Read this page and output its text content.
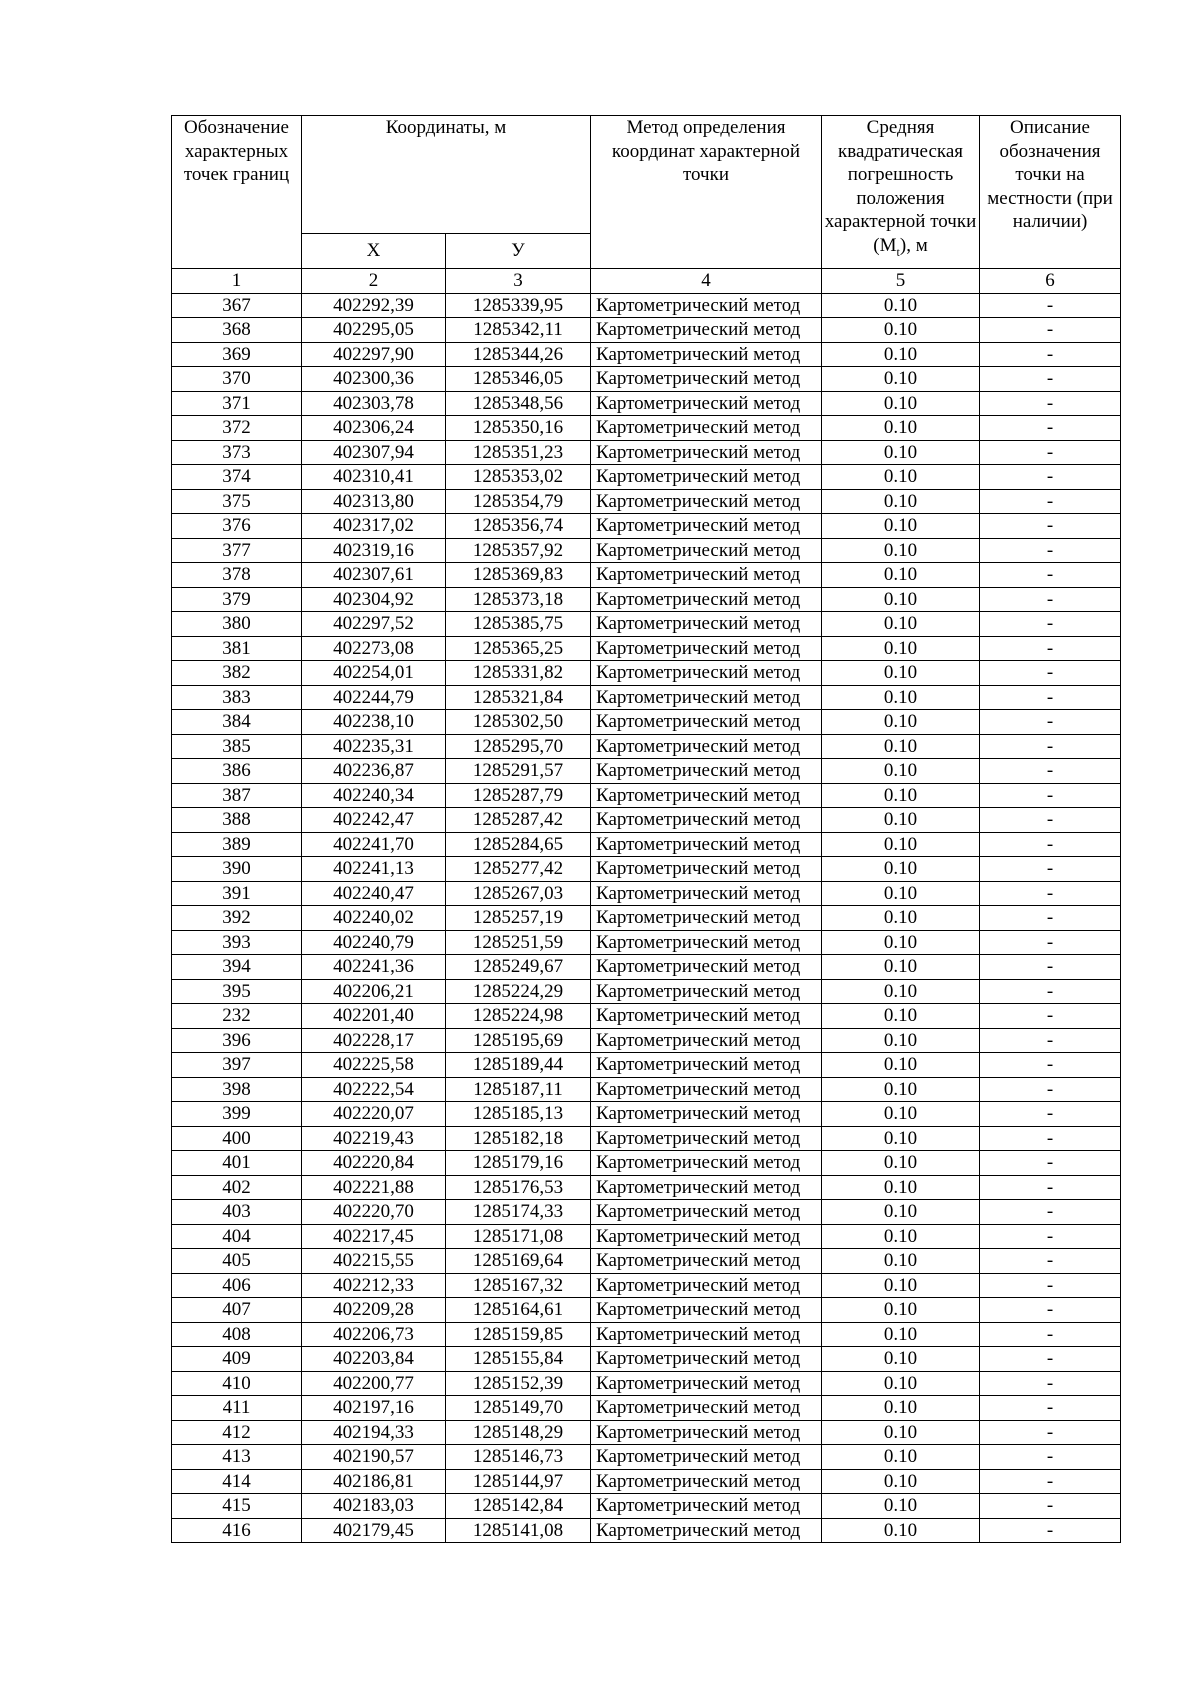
Обозначение характерных точек границ	Координаты, м		Метод определения координат характерной точки	Средняя квадратическая погрешность положения характерной точки $(M_t)$, м	Описание обозначения точки на местности (при наличии)
	X	У			
1	2	3	4	5	6
367	402292,39	1285339,95	Картометрический метод	0.10	-
368	402295,05	1285342,11	Картометрический метод	0.10	-
369	402297,90	1285344,26	Картометрический метод	0.10	-
370	402300,36	1285346,05	Картометрический метод	0.10	-
371	402303,78	1285348,56	Картометрический метод	0.10	-
372	402306,24	1285350,16	Картометрический метод	0.10	-
373	402307,94	1285351,23	Картометрический метод	0.10	-
374	402310,41	1285353,02	Картометрический метод	0.10	-
375	402313,80	1285354,79	Картометрический метод	0.10	-
376	402317,02	1285356,74	Картометрический метод	0.10	-
377	402319,16	1285357,92	Картометрический метод	0.10	-
378	402307,61	1285369,83	Картометрический метод	0.10	-
379	402304,92	1285373,18	Картометрический метод	0.10	-
380	402297,52	1285385,75	Картометрический метод	0.10	-
381	402273,08	1285365,25	Картометрический метод	0.10	-
382	402254,01	1285331,82	Картометрический метод	0.10	-
383	402244,79	1285321,84	Картометрический метод	0.10	-
384	402238,10	1285302,50	Картометрический метод	0.10	-
385	402235,31	1285295,70	Картометрический метод	0.10	-
386	402236,87	1285291,57	Картометрический метод	0.10	-
387	402240,34	1285287,79	Картометрический метод	0.10	-
388	402242,47	1285287,42	Картометрический метод	0.10	-
389	402241,70	1285284,65	Картометрический метод	0.10	-
390	402241,13	1285277,42	Картометрический метод	0.10	-
391	402240,47	1285267,03	Картометрический метод	0.10	-
392	402240,02	1285257,19	Картометрический метод	0.10	-
393	402240,79	1285251,59	Картометрический метод	0.10	-
394	402241,36	1285249,67	Картометрический метод	0.10	-
395	402206,21	1285224,29	Картометрический метод	0.10	-
232	402201,40	1285224,98	Картометрический метод	0.10	-
396	402228,17	1285195,69	Картометрический метод	0.10	-
397	402225,58	1285189,44	Картометрический метод	0.10	-
398	402222,54	1285187,11	Картометрический метод	0.10	-
399	402220,07	1285185,13	Картометрический метод	0.10	-
400	402219,43	1285182,18	Картометрический метод	0.10	-
401	402220,84	1285179,16	Картометрический метод	0.10	-
402	402221,88	1285176,53	Картометрический метод	0.10	-
403	402220,70	1285174,33	Картометрический метод	0.10	-
404	402217,45	1285171,08	Картометрический метод	0.10	-
405	402215,55	1285169,64	Картометрический метод	0.10	-
406	402212,33	1285167,32	Картометрический метод	0.10	-
407	402209,28	1285164,61	Картометрический метод	0.10	-
408	402206,73	1285159,85	Картометрический метод	0.10	-
409	402203,84	1285155,84	Картометрический метод	0.10	-
410	402200,77	1285152,39	Картометрический метод	0.10	-
411	402197,16	1285149,70	Картометрический метод	0.10	-
412	402194,33	1285148,29	Картометрический метод	0.10	-
413	402190,57	1285146,73	Картометрический метод	0.10	-
414	402186,81	1285144,97	Картометрический метод	0.10	-
415	402183,03	1285142,84	Картометрический метод	0.10	-
416	402179,45	1285141,08	Картометрический метод	0.10	-
